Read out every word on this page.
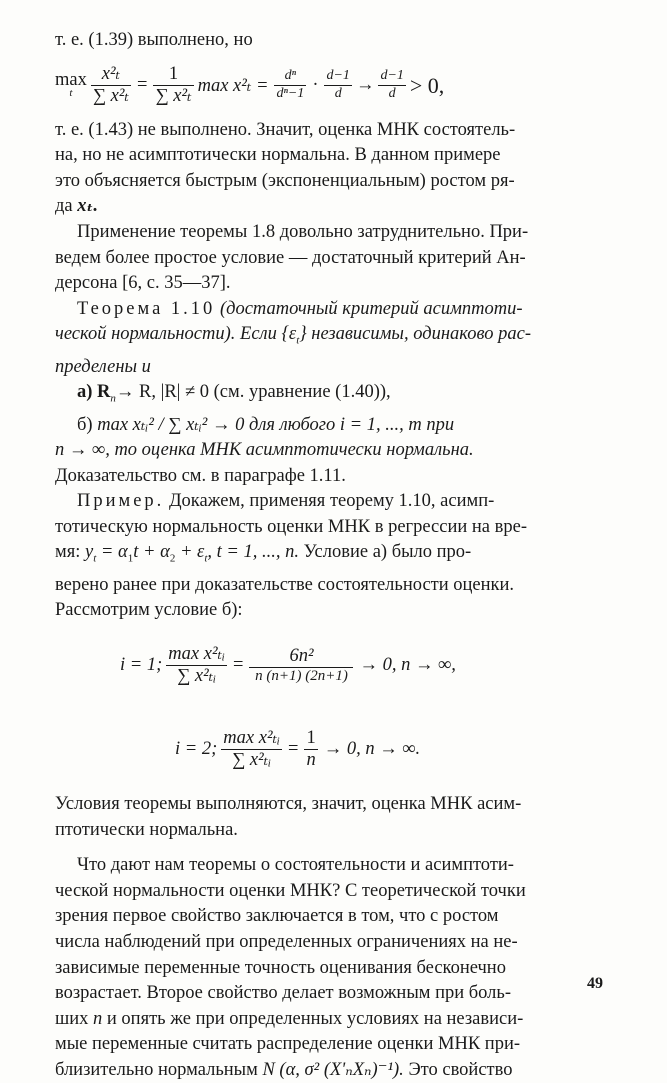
т. е. (1.39) выполнено, но

max
t $\frac{\text{x²ₜ}}{\text{∑ x²ₜ}} = \frac{1}{\text{∑ x²ₜ}}$ $\max x^2_t = \frac{\text{dⁿ}}{\text{dⁿ−1}} \cdot \frac{d-1}{d} \to \frac{d-1}{d} > 0$,

т. е. (1.43) не выполнено. Значит, оценка МНК состоятель-

на, но не асимптотически нормальна. В данном примере

это объясняется быстрым (экспоненциальным) ростом ря-

да xₜ.

Применение теоремы 1.8 довольно затруднительно. При-

ведем более простое условие — достаточный критерий Ан-

дерсона [6, с. 35—37].

Теорема 1.10 (достаточный критерий асимптоти-

ческой нормальности). Если $\{\varepsilon_t\}$ независимы, одинаково рас-

пределены и

а) $R_n\to R$, |R| ≠ 0 (см. уравнение (1.40)),

б) max xₜᵢ² / ∑ xₜᵢ² → 0 для любого i = 1, ..., m при

n → ∞, то оценка МНК асимптотически нормальна.

Доказательство см. в параграфе 1.11.

Пример. Докажем, применяя теорему 1.10, асимп-

тотическую нормальность оценки МНК в регрессии на вре-

мя: $y_t = \alpha_1t + \alpha_2 + \varepsilon_t$, t = 1, ..., n. Условие а) было про-

верено ранее при доказательстве состоятельности оценки.

Рассмотрим условие б):

i = 1; $\frac{\text{max x²ₜᵢ}}{\text{∑ x²ₜᵢ}} = \frac{\text{6n²}}{n (n+1) (2n+1)} \to 0$, n → ∞,
i = 2; $\frac{\text{max x²ₜᵢ}}{\text{∑ x²ₜᵢ}} = \frac{1}{n} \to 0$, n → ∞.

Условия теоремы выполняются, значит, оценка МНК асим-

птотически нормальна.

Что дают нам теоремы о состоятельности и асимптоти-

ческой нормальности оценки МНК? С теоретической точки

зрения первое свойство заключается в том, что с ростом

числа наблюдений при определенных ограничениях на не-

зависимые переменные точность оценивания бесконечно

возрастает. Второе свойство делает возможным при боль-

ших n и опять же при определенных условиях на независи-

мые переменные считать распределение оценки МНК при-

близительно нормальным N (α, σ² (X'ₙXₙ)⁻¹). Это свойство

49
